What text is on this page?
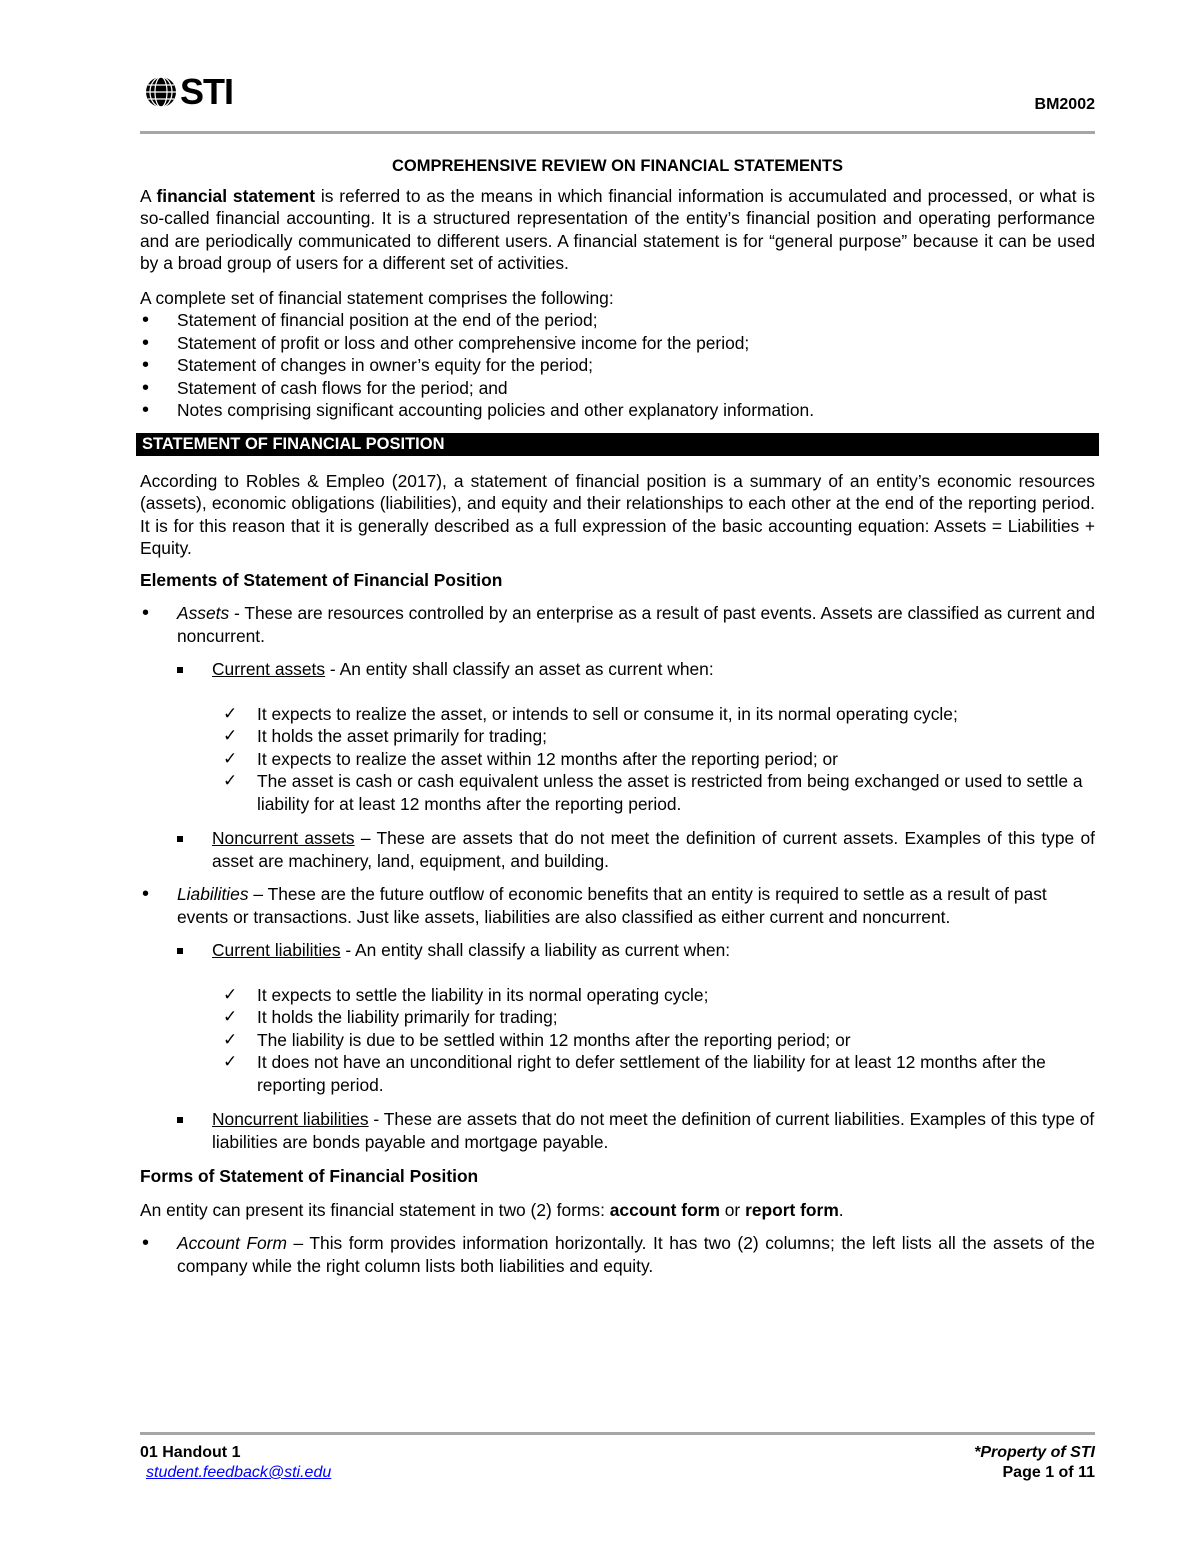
STI	BM2002
COMPREHENSIVE REVIEW ON FINANCIAL STATEMENTS

A financial statement is referred to as the means in which financial information is accumulated and processed, or what is so-called financial accounting. It is a structured representation of the entity’s financial position and operating performance and are periodically communicated to different users. A financial statement is for “general purpose” because it can be used by a broad group of users for a different set of activities.

A complete set of financial statement comprises the following:

• Statement of financial position at the end of the period;
• Statement of profit or loss and other comprehensive income for the period;
• Statement of changes in owner’s equity for the period;
• Statement of cash flows for the period; and
• Notes comprising significant accounting policies and other explanatory information.
STATEMENT OF FINANCIAL POSITION

According to Robles & Empleo (2017), a statement of financial position is a summary of an entity’s economic resources (assets), economic obligations (liabilities), and equity and their relationships to each other at the end of the reporting period. It is for this reason that it is generally described as a full expression of the basic accounting equation: Assets = Liabilities + Equity.

Elements of Statement of Financial Position
• Assets - These are resources controlled by an enterprise as a result of past events. Assets are classified as current and noncurrent.
Current assets - An entity shall classify an asset as current when:
✓ It expects to realize the asset, or intends to sell or consume it, in its normal operating cycle;
✓ It holds the asset primarily for trading;
✓ It expects to realize the asset within 12 months after the reporting period; or
✓ The asset is cash or cash equivalent unless the asset is restricted from being exchanged or used to settle a liability for at least 12 months after the reporting period.
Noncurrent assets – These are assets that do not meet the definition of current assets. Examples of this type of asset are machinery, land, equipment, and building.
• Liabilities – These are the future outflow of economic benefits that an entity is required to settle as a result of past events or transactions. Just like assets, liabilities are also classified as either current and noncurrent.
Current liabilities - An entity shall classify a liability as current when:
✓ It expects to settle the liability in its normal operating cycle;
✓ It holds the liability primarily for trading;
✓ The liability is due to be settled within 12 months after the reporting period; or
✓ It does not have an unconditional right to defer settlement of the liability for at least 12 months after the reporting period.
Noncurrent liabilities - These are assets that do not meet the definition of current liabilities. Examples of this type of liabilities are bonds payable and mortgage payable.
Forms of Statement of Financial Position

An entity can present its financial statement in two (2) forms: account form or report form.

• Account Form – This form provides information horizontally. It has two (2) columns; the left lists all the assets of the company while the right column lists both liabilities and equity.
01 Handout 1
student.feedback@sti.edu
*Property of STI
Page 1 of 11
